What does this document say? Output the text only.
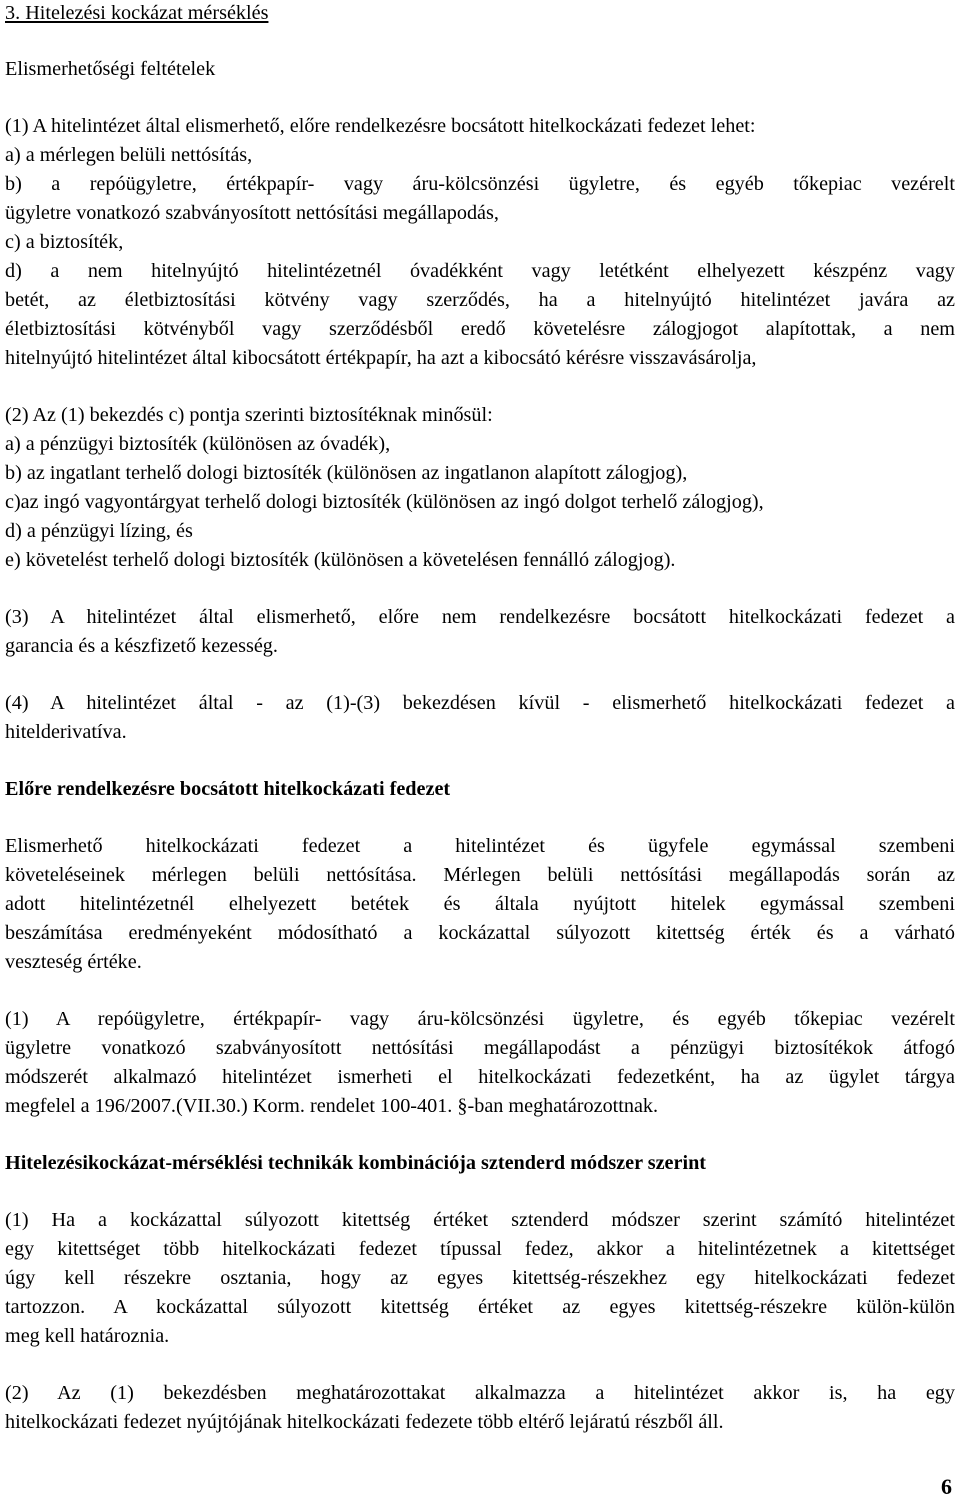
3. Hitelezési kockázat mérséklés
Elismerhetőségi feltételek
(1) A hitelintézet által elismerhető, előre rendelkezésre bocsátott hitelkockázati fedezet lehet:
a) a mérlegen belüli nettósítás,
b) a repóügyletre, értékpapír- vagy áru-kölcsönzési ügyletre, és egyéb tőkepiac vezérelt
ügyletre vonatkozó szabványosított nettósítási megállapodás,
c) a biztosíték,
d) a nem hitelnyújtó hitelintézetnél óvadékként vagy letétként elhelyezett készpénz vagy
betét, az életbiztosítási kötvény vagy szerződés, ha a hitelnyújtó hitelintézet javára az
életbiztosítási kötvényből vagy szerződésből eredő követelésre zálogjogot alapítottak, a nem
hitelnyújtó hitelintézet által kibocsátott értékpapír, ha azt a kibocsátó kérésre visszavásárolja,
(2) Az (1) bekezdés c) pontja szerinti biztosítéknak minősül:
a) a pénzügyi biztosíték (különösen az óvadék),
b) az ingatlant terhelő dologi biztosíték (különösen az ingatlanon alapított zálogjog),
c)az ingó vagyontárgyat terhelő dologi biztosíték (különösen az ingó dolgot terhelő zálogjog),
d) a pénzügyi lízing, és
e) követelést terhelő dologi biztosíték (különösen a követelésen fennálló zálogjog).
(3) A hitelintézet által elismerhető, előre nem rendelkezésre bocsátott hitelkockázati fedezet a
garancia és a készfizető kezesség.
(4) A hitelintézet által - az (1)-(3) bekezdésen kívül - elismerhető hitelkockázati fedezet a
hitelderivatíva.
Előre rendelkezésre bocsátott hitelkockázati fedezet
Elismerhető hitelkockázati fedezet a hitelintézet és ügyfele egymással szembeni
követeléseinek mérlegen belüli nettósítása. Mérlegen belüli nettósítási megállapodás során az
adott hitelintézetnél elhelyezett betétek és általa nyújtott hitelek egymással szembeni
beszámítása eredményeként módosítható a kockázattal súlyozott kitettség érték és a várható
veszteség értéke.
(1) A repóügyletre, értékpapír- vagy áru-kölcsönzési ügyletre, és egyéb tőkepiac vezérelt
ügyletre vonatkozó szabványosított nettósítási megállapodást a pénzügyi biztosítékok átfogó
módszerét alkalmazó hitelintézet ismerheti el hitelkockázati fedezetként, ha az ügylet tárgya
megfelel a 196/2007.(VII.30.) Korm. rendelet 100-401. §-ban meghatározottnak.
Hitelezésikockázat-mérséklési technikák kombinációja sztenderd módszer szerint
(1) Ha a kockázattal súlyozott kitettség értéket sztenderd módszer szerint számító hitelintézet
egy kitettséget több hitelkockázati fedezet típussal fedez, akkor a hitelintézetnek a kitettséget
úgy kell részekre osztania, hogy az egyes kitettség-részekhez egy hitelkockázati fedezet
tartozzon. A kockázattal súlyozott kitettség értéket az egyes kitettség-részekre külön-külön
meg kell határoznia.
(2) Az (1) bekezdésben meghatározottakat alkalmazza a hitelintézet akkor is, ha egy
hitelkockázati fedezet nyújtójának hitelkockázati fedezete több eltérő lejáratú részből áll.
6
